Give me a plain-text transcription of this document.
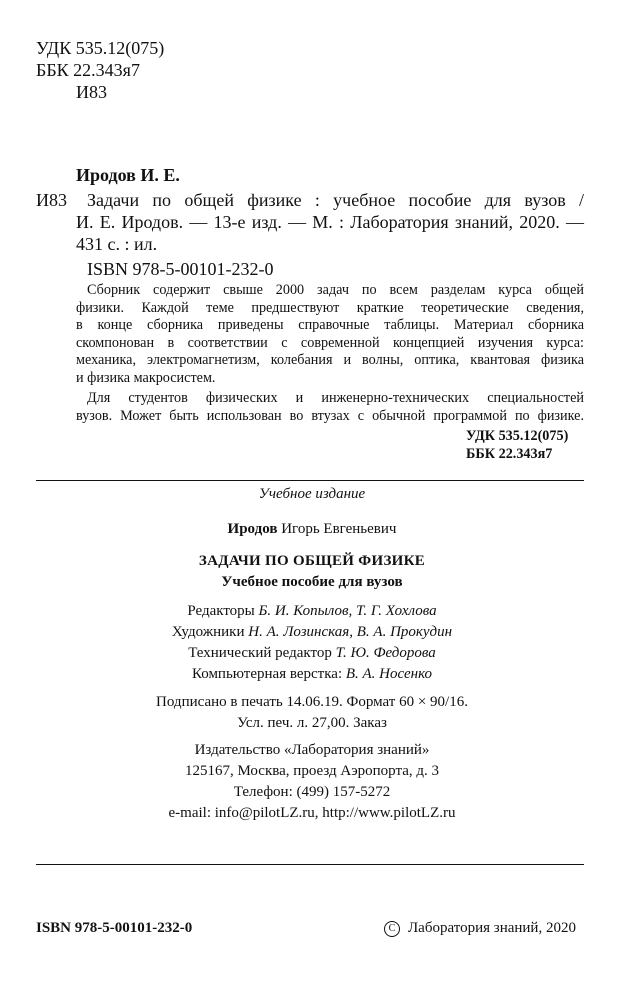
УДК 535.12(075)
ББК 22.343я7
И83
Иродов И. Е.
И83 Задачи по общей физике : учебное пособие для вузов /
И. Е. Иродов. — 13-е изд. — М. : Лаборатория знаний, 2020. —
431 с. : ил.
ISBN 978-5-00101-232-0
Сборник содержит свыше 2000 задач по всем разделам курса общей
физики. Каждой теме предшествуют краткие теоретические сведения,
в конце сборника приведены справочные таблицы. Материал сборника
скомпонован в соответствии с современной концепцией изучения курса:
механика, электромагнетизм, колебания и волны, оптика, квантовая физика
и физика макросистем.
Для студентов физических и инженерно-технических специальностей
вузов. Может быть использован во втузах с обычной программой по физике.
УДК 535.12(075)
ББК 22.343я7
Учебное издание
Иродов Игорь Евгеньевич
ЗАДАЧИ ПО ОБЩЕЙ ФИЗИКЕ
Учебное пособие для вузов
Редакторы Б. И. Копылов, Т. Г. Хохлова
Художники Н. А. Лозинская, В. А. Прокудин
Технический редактор Т. Ю. Федорова
Компьютерная верстка: В. А. Носенко
Подписано в печать 14.06.19. Формат 60 × 90/16.
Усл. печ. л. 27,00. Заказ
Издательство «Лаборатория знаний»
125167, Москва, проезд Аэропорта, д. 3
Телефон: (499) 157-5272
e-mail: info@pilotLZ.ru, http://www.pilotLZ.ru
ISBN 978-5-00101-232-0	C Лаборатория знаний, 2020
